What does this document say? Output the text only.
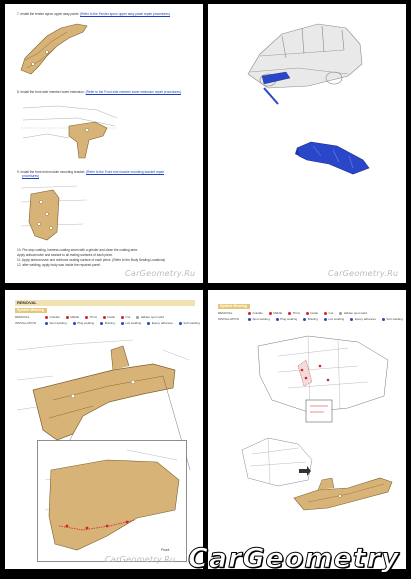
7. Install the fender apron upper assy panel. (Refer to the Fender apron upper assy panel repair procedures)
8. Install the front side member lower extension. (Refer to the Front side member lower extension repair procedures)
9. Install the front end module mounting bracket. (Refer to the Front end module mounting bracket repair
procedures)
10. Pre-stop coating, harness coating seam with a grinder and clean the coating area.
Apply anticorrosive and sealant to all mating surfaces of each piece.
11. Apply anticorrosive and reinforce sealing surface of each piece. (Refer to the Body Sealing Locations)
12. after welding, apply body wax inside the repaired panel.
CarGeometry.Ru	CarGeometry.Ru
REMOVAL
Symbol Meaning
REMOVAL	Outside	Middle	Third	Inside	Cut	Hidden spot weld
INSTALLATION	Spot welding	Plug welding	Brazing	Laz welding	Epoxy adhesive	Soft welding
Front
CarGeometry.Ru
Symbol Meaning
REMOVAL	Outside	Middle	Third	Inside	Cut	Hidden spot weld
INSTALLATION	Spot welding	Plug welding	Brazing	Laz welding	Epoxy adhesive	Soft welding
CarGeometry
